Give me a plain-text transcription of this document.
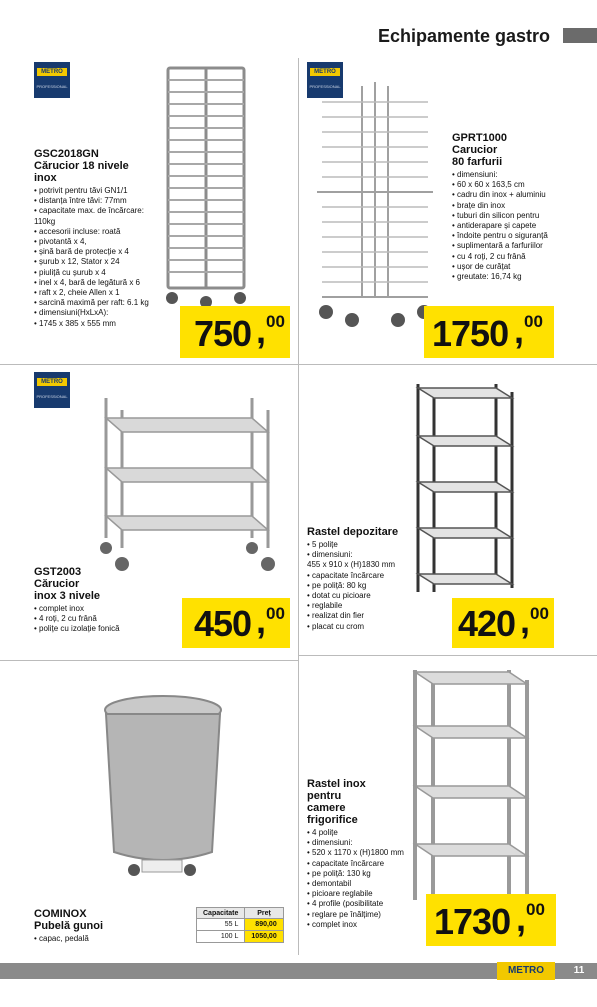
Echipamente gastro
METRO
PROFESSIONAL
METRO
PROFESSIONAL
METRO
PROFESSIONAL
GSC2018GN
Cărucior 18 nivele
inox
• potrivit pentru tăvi GN1/1
• distanța între tăvi: 77mm
• capacitate max. de încărcare:
110kg
• accesorii incluse: roată
• pivotantă x 4,
• șină bară de protecție x 4
• șurub x 12, Stator x 24
• piuliță cu șurub x 4
• inel x 4, bară de legătură x 6
• raft x 2, cheie Allen x 1
• sarcină maximă per raft: 6.1 kg
• dimensiuni(HxLxA):
• 1745 x 385 x 555 mm	750 , 00
GPRT1000
Carucior
80 farfurii
• dimensiuni:
• 60 x 60 x 163,5 cm
• cadru din inox + aluminiu
• brațe din inox
• tuburi din silicon pentru
• antiderapare și capete
• îndoite pentru o siguranță
• suplimentară a farfuriilor
• cu 4 roți, 2 cu frână
• ușor de curățat
• greutate: 16,74 kg
1750 , 00
GST2003
Cărucior
inox 3 nivele
• complet inox
• 4 roți, 2 cu frână
• polițe cu izolație fonică	450 , 00
Rastel depozitare
• 5 polițe
• dimensiuni:
455 x 910 x (H)1830 mm
• capacitate încărcare
• pe poliță: 80 kg
• dotat cu picioare
• reglabile
• realizat din fier
• placat cu crom	420 , 00
COMINOX
Pubelă gunoi
• capac, pedală
Capacitate	Preț
55 L	890,00
100 L	1050,00
Rastel inox
pentru
camere
frigorifice
• 4 polițe
• dimensiuni:
• 520 x 1170 x (H)1800 mm
• capacitate încărcare
• pe poliță: 130 kg
• demontabil
• picioare reglabile
• 4 profile (posibilitate
• reglare pe înălțime)
• complet inox	1730 , 00
METRO	11
